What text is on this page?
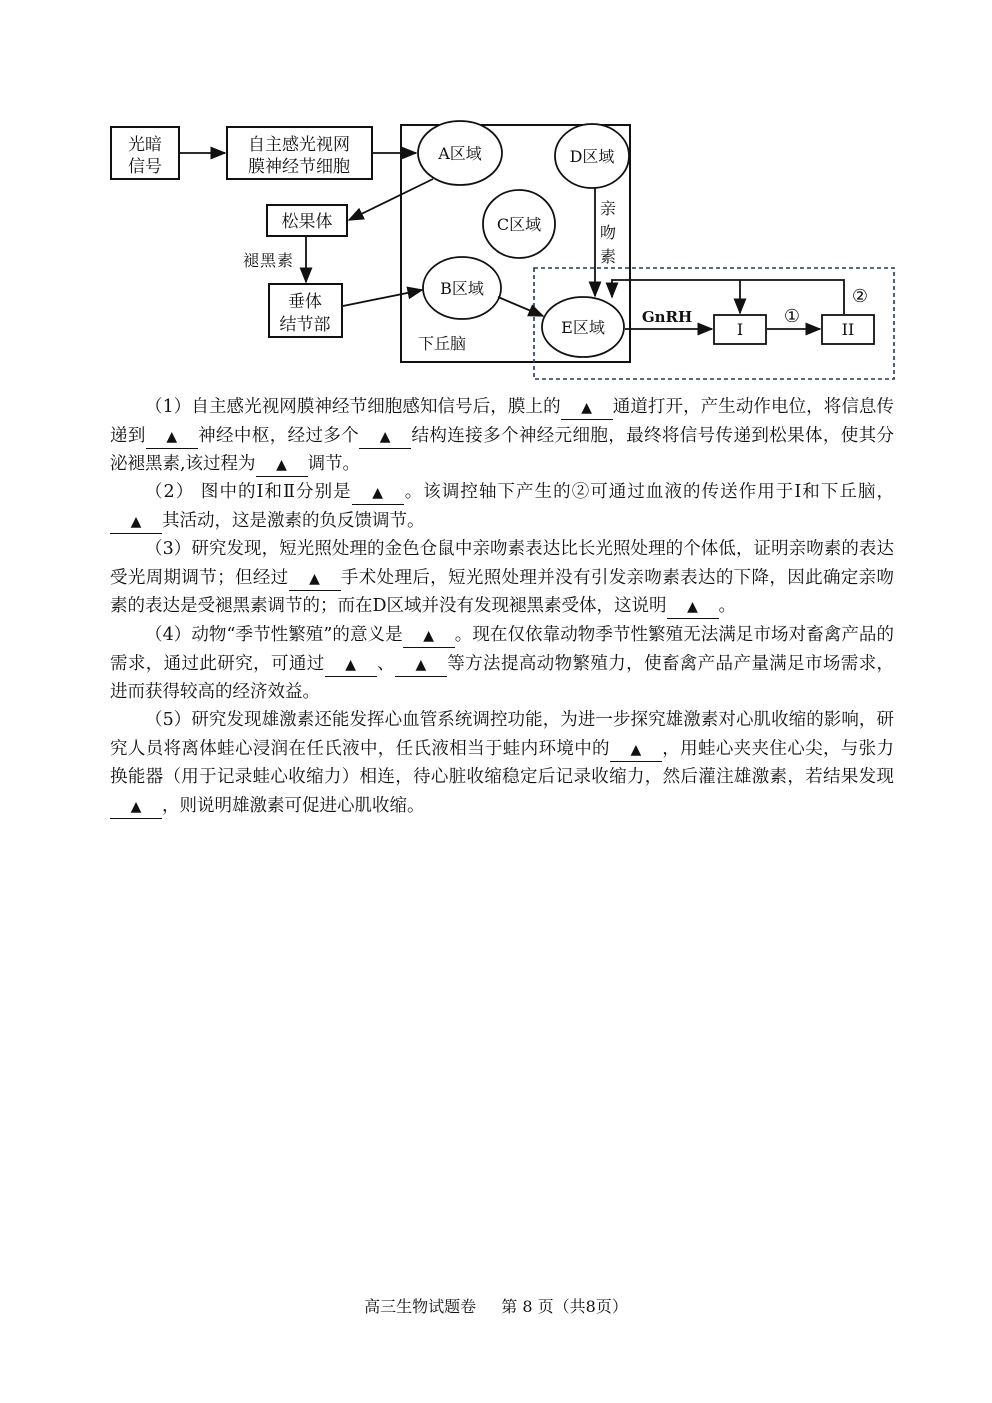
光暗
信号
自主感光视网
膜神经节细胞
松果体
垂体
结节部	I	II
A区域	D区域
C区域
B区域
E区域
下丘脑
褪 黑 素
亲
吻
素
GnRH	①
②

（1）自主感光视网膜神经节细胞感知信号后，膜上的 ▲ 通道打开，产生动作电位，将信息传递到 ▲ 神经中枢，经过多个 ▲ 结构连接多个神经元细胞，最终将信号传递到松果体，使其分泌褪黑素,该过程为 ▲ 调节。

（2） 图中的Ⅰ和Ⅱ分别是 ▲ 。该调控轴下产生的②可通过血液的传送作用于Ⅰ和下丘脑，▲ 其活动，这是激素的负反馈调节。

（3）研究发现，短光照处理的金色仓鼠中亲吻素表达比长光照处理的个体低，证明亲吻素的表达受光周期调节；但经过 ▲ 手术处理后，短光照处理并没有引发亲吻素表达的下降，因此确定亲吻素的表达是受褪黑素调节的；而在D区域并没有发现褪黑素受体，这说明 ▲ 。

（4）动物“季节性繁殖”的意义是 ▲ 。现在仅依靠动物季节性繁殖无法满足市场对畜禽产品的需求，通过此研究，可通过 ▲ 、 ▲ 等方法提高动物繁殖力，使畜禽产品产量满足市场需求，进而获得较高的经济效益。

（5）研究发现雄激素还能发挥心血管系统调控功能，为进一步探究雄激素对心肌收缩的影响，研究人员将离体蛙心浸润在任氏液中，任氏液相当于蛙内环境中的 ▲ ，用蛙心夹夹住心尖，与张力换能器（用于记录蛙心收缩力）相连，待心脏收缩稳定后记录收缩力，然后灌注雄激素，若结果发现▲ ，则说明雄激素可促进心肌收缩。

高三生物试题卷 第 8 页（共8页）
